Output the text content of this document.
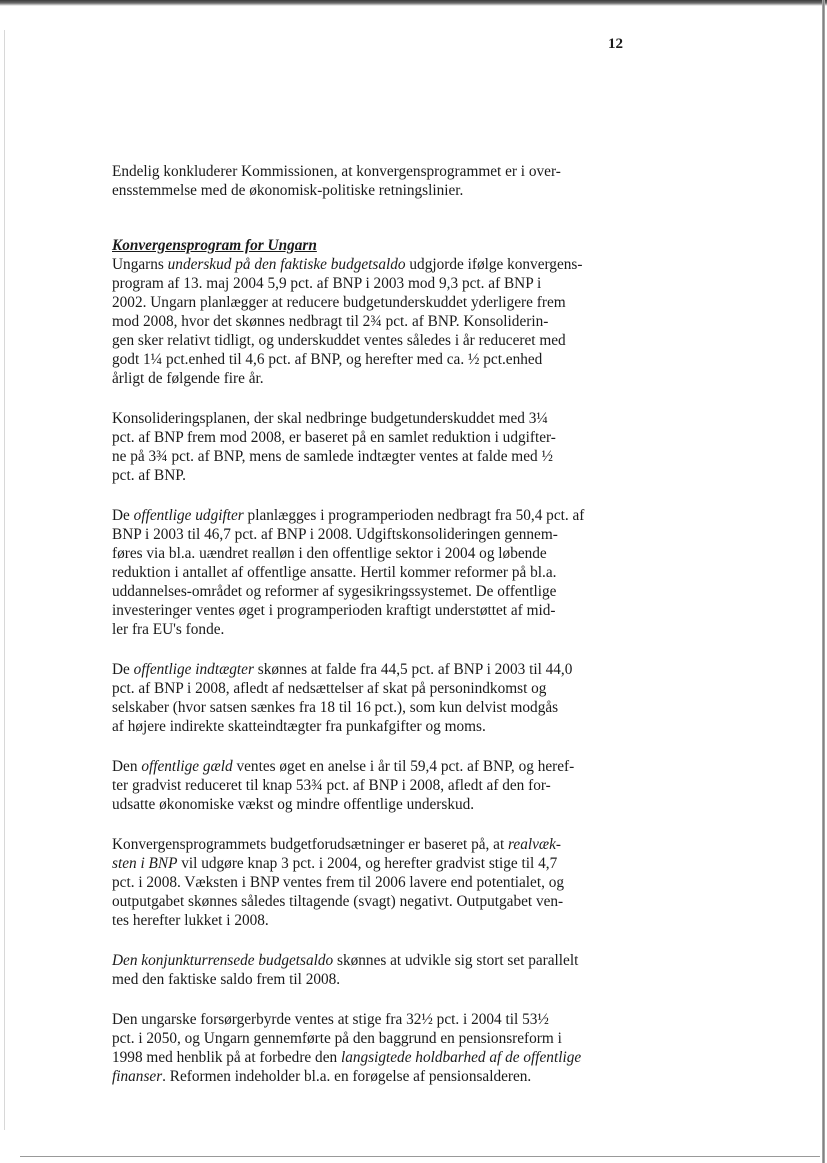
12

Endelig konkluderer Kommissionen, at konvergensprogrammet er i over-
ensstemmelse med de økonomisk-politiske retningslinier.

Konvergensprogram for Ungarn

Ungarns underskud på den faktiske budgetsaldo udgjorde ifølge konvergens-
program af 13. maj 2004 5,9 pct. af BNP i 2003 mod 9,3 pct. af BNP i
2002. Ungarn planlægger at reducere budgetunderskuddet yderligere frem
mod 2008, hvor det skønnes nedbragt til 2¾ pct. af BNP. Konsoliderin-
gen sker relativt tidligt, og underskuddet ventes således i år reduceret med
godt 1¼ pct.enhed til 4,6 pct. af BNP, og herefter med ca. ½ pct.enhed
årligt de følgende fire år.

Konsolideringsplanen, der skal nedbringe budgetunderskuddet med 3¼
pct. af BNP frem mod 2008, er baseret på en samlet reduktion i udgifter-
ne på 3¾ pct. af BNP, mens de samlede indtægter ventes at falde med ½
pct. af BNP.

De offentlige udgifter planlægges i programperioden nedbragt fra 50,4 pct. af
BNP i 2003 til 46,7 pct. af BNP i 2008. Udgiftskonsolideringen gennem-
føres via bl.a. uændret realløn i den offentlige sektor i 2004 og løbende
reduktion i antallet af offentlige ansatte. Hertil kommer reformer på bl.a.
uddannelses-området og reformer af sygesikringssystemet. De offentlige
investeringer ventes øget i programperioden kraftigt understøttet af mid-
ler fra EU's fonde.

De offentlige indtægter skønnes at falde fra 44,5 pct. af BNP i 2003 til 44,0
pct. af BNP i 2008, afledt af nedsættelser af skat på personindkomst og
selskaber (hvor satsen sænkes fra 18 til 16 pct.), som kun delvist modgås
af højere indirekte skatteindtægter fra punkafgifter og moms.

Den offentlige gæld ventes øget en anelse i år til 59,4 pct. af BNP, og heref-
ter gradvist reduceret til knap 53¾ pct. af BNP i 2008, afledt af den for-
udsatte økonomiske vækst og mindre offentlige underskud.

Konvergensprogrammets budgetforudsætninger er baseret på, at realvæk-
sten i BNP vil udgøre knap 3 pct. i 2004, og herefter gradvist stige til 4,7
pct. i 2008. Væksten i BNP ventes frem til 2006 lavere end potentialet, og
outputgabet skønnes således tiltagende (svagt) negativt. Outputgabet ven-
tes herefter lukket i 2008.

Den konjunkturrensede budgetsaldo skønnes at udvikle sig stort set parallelt
med den faktiske saldo frem til 2008.

Den ungarske forsørgerbyrde ventes at stige fra 32½ pct. i 2004 til 53½
pct. i 2050, og Ungarn gennemførte på den baggrund en pensionsreform i
1998 med henblik på at forbedre den langsigtede holdbarhed af de offentlige
finanser. Reformen indeholder bl.a. en forøgelse af pensionsalderen.
